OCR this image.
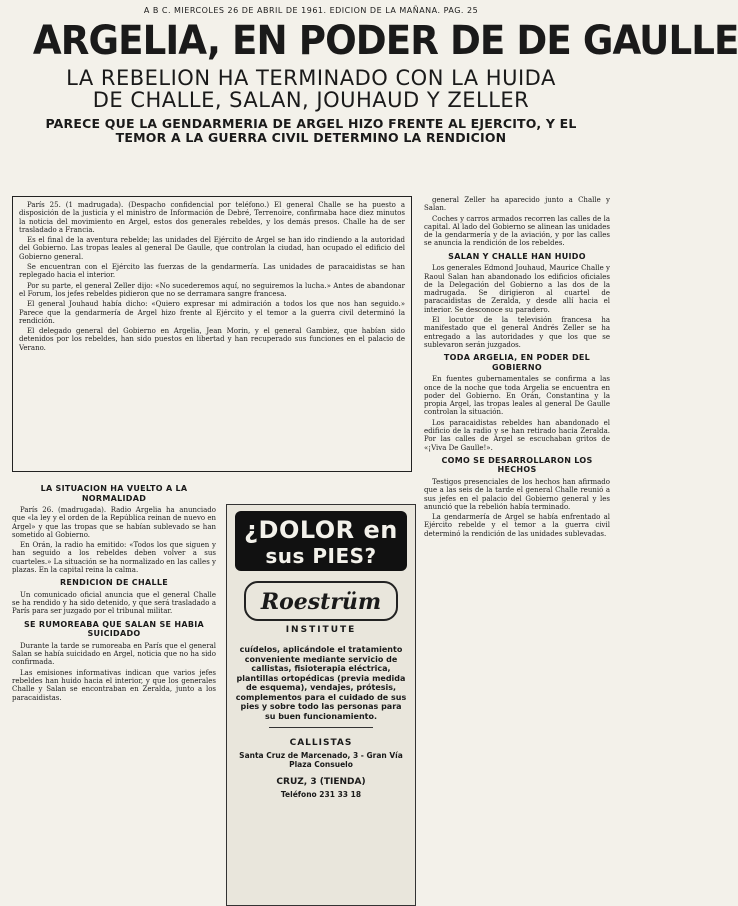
A B C. MIERCOLES 26 DE ABRIL DE 1961. EDICION DE LA MAÑANA. PAG. 25
ARGELIA, EN PODER DE DE GAULLE
LA REBELION HA TERMINADO CON LA HUIDA
DE CHALLE, SALAN, JOUHAUD Y ZELLER
PARECE QUE LA GENDARMERIA DE ARGEL HIZO FRENTE AL EJERCITO, Y EL
TEMOR A LA GUERRA CIVIL DETERMINO LA RENDICION

París 25. (1 madrugada). (Despacho confidencial por teléfono.) El general Challe se ha puesto a disposición de la justicia y el ministro de Información de Debré, Terrenoire, confirmaba hace diez minutos la noticia del movimiento en Argel, estos dos generales rebeldes, y los demás presos. Challe ha de ser trasladado a Francia.

Es el final de la aventura rebelde; las unidades del Ejército de Argel se han ido rindiendo a la autoridad del Gobierno. Las tropas leales al general De Gaulle, que controlan la ciudad, han ocupado el edificio del Gobierno general.

Se encuentran con el Ejército las fuerzas de la gendarmería. Las unidades de paracaidistas se han replegado hacia el interior.

Por su parte, el general Zeller dijo: «No sucederemos aquí, no seguiremos la lucha.» Antes de abandonar el Forum, los jefes rebeldes pidieron que no se derramara sangre francesa.

El general Jouhaud había dicho: «Quiero expresar mi admiración a todos los que nos han seguido.» Parece que la gendarmería de Argel hizo frente al Ejército y el temor a la guerra civil determinó la rendición.

El delegado general del Gobierno en Argelia, Jean Morin, y el general Gambiez, que habían sido detenidos por los rebeldes, han sido puestos en libertad y han recuperado sus funciones en el palacio de Verano.

LA SITUACION HA VUELTO A LA NORMALIDAD

París 26. (madrugada). Radio Argelia ha anunciado que «la ley y el orden de la República reinan de nuevo en Argel» y que las tropas que se habían sublevado se han sometido al Gobierno.

En Orán, la radio ha emitido: «Todos los que siguen y han seguido a los rebeldes deben volver a sus cuarteles.» La situación se ha normalizado en las calles y plazas. En la capital reina la calma.

RENDICION DE CHALLE

Un comunicado oficial anuncia que el general Challe se ha rendido y ha sido detenido, y que será trasladado a París para ser juzgado por el tribunal militar.

SE RUMOREABA QUE SALAN SE HABIA SUICIDADO

Durante la tarde se rumoreaba en París que el general Salan se había suicidado en Argel, noticia que no ha sido confirmada.

Las emisiones informativas indican que varios jefes rebeldes han huido hacia el interior, y que los generales Challe y Salan se encontraban en Zeralda, junto a los paracaidistas.

¿DOLOR en
sus PIES?
Roestrüm
INSTITUTE
cuídelos, aplicándole el tratamiento conveniente mediante servicio de callistas, fisioterapia eléctrica, plantillas ortopédicas (previa medida de esquema), vendajes, prótesis, complementos para el cuidado de sus pies y sobre todo las personas para su buen funcionamiento.
CALLISTAS
Santa Cruz de Marcenado, 3 - Gran Vía Plaza Consuelo
CRUZ, 3 (TIENDA)
Teléfono 231 33 18

general Zeller ha aparecido junto a Challe y Salan.

Coches y carros armados recorren las calles de la capital. Al lado del Gobierno se alinean las unidades de la gendarmería y de la aviación, y por las calles se anuncia la rendición de los rebeldes.

SALAN Y CHALLE HAN HUIDO

Los generales Edmond Jouhaud, Maurice Challe y Raoul Salan han abandonado los edificios oficiales de la Delegación del Gobierno a las dos de la madrugada. Se dirigieron al cuartel de paracaidistas de Zeralda, y desde allí hacia el interior. Se desconoce su paradero.

El locutor de la televisión francesa ha manifestado que el general Andrés Zeller se ha entregado a las autoridades y que los que se sublevaron serán juzgados.

TODA ARGELIA, EN PODER DEL GOBIERNO

En fuentes gubernamentales se confirma a las once de la noche que toda Argelia se encuentra en poder del Gobierno. En Orán, Constantina y la propia Argel, las tropas leales al general De Gaulle controlan la situación.

Los paracaidistas rebeldes han abandonado el edificio de la radio y se han retirado hacia Zeralda. Por las calles de Argel se escuchaban gritos de «¡Viva De Gaulle!».

COMO SE DESARROLLARON LOS HECHOS

Testigos presenciales de los hechos han afirmado que a las seis de la tarde el general Challe reunió a sus jefes en el palacio del Gobierno general y les anunció que la rebelión había terminado.

La gendarmería de Argel se había enfrentado al Ejército rebelde y el temor a la guerra civil determinó la rendición de las unidades sublevadas.
